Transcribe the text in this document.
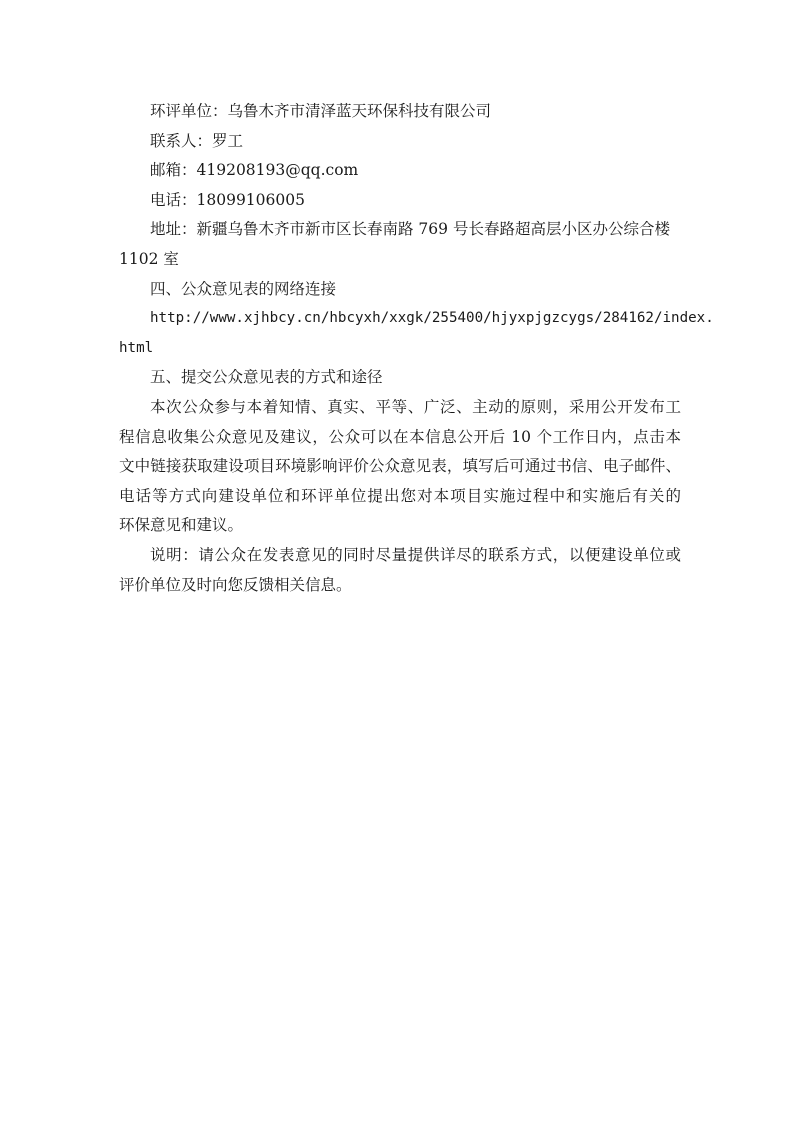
环评单位：乌鲁木齐市清泽蓝天环保科技有限公司
联系人：罗工
邮箱：419208193@qq.com
电话：18099106005
地址：新疆乌鲁木齐市新市区长春南路 769 号长春路超高层小区办公综合楼
1102 室
四、公众意见表的网络连接
http://www.xjhbcy.cn/hbcyxh/xxgk/255400/hjyxpjgzcygs/284162/index.
html
五、提交公众意见表的方式和途径
本次公众参与本着知情、真实、平等、广泛、主动的原则，采用公开发布工
程信息收集公众意见及建议，公众可以在本信息公开后 10 个工作日内，点击本
文中链接获取建设项目环境影响评价公众意见表，填写后可通过书信、电子邮件、
电话等方式向建设单位和环评单位提出您对本项目实施过程中和实施后有关的
环保意见和建议。
说明：请公众在发表意见的同时尽量提供详尽的联系方式，以便建设单位或
评价单位及时向您反馈相关信息。
